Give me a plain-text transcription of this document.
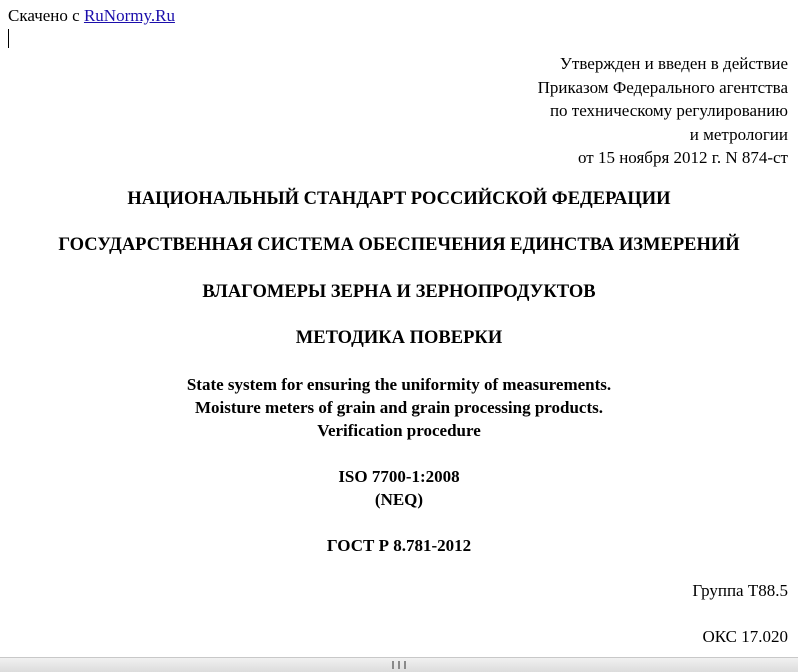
Скачено с RuNormy.Ru
Утвержден и введен в действие
Приказом Федерального агентства
по техническому регулированию
и метрологии
от 15 ноября 2012 г. N 874-ст
НАЦИОНАЛЬНЫЙ СТАНДАРТ РОССИЙСКОЙ ФЕДЕРАЦИИ
ГОСУДАРСТВЕННАЯ СИСТЕМА ОБЕСПЕЧЕНИЯ ЕДИНСТВА ИЗМЕРЕНИЙ
ВЛАГОМЕРЫ ЗЕРНА И ЗЕРНОПРОДУКТОВ
МЕТОДИКА ПОВЕРКИ
State system for ensuring the uniformity of measurements.
Moisture meters of grain and grain processing products.
Verification procedure
ISO 7700-1:2008
(NEQ)
ГОСТ Р 8.781-2012
Группа Т88.5
ОКС 17.020
